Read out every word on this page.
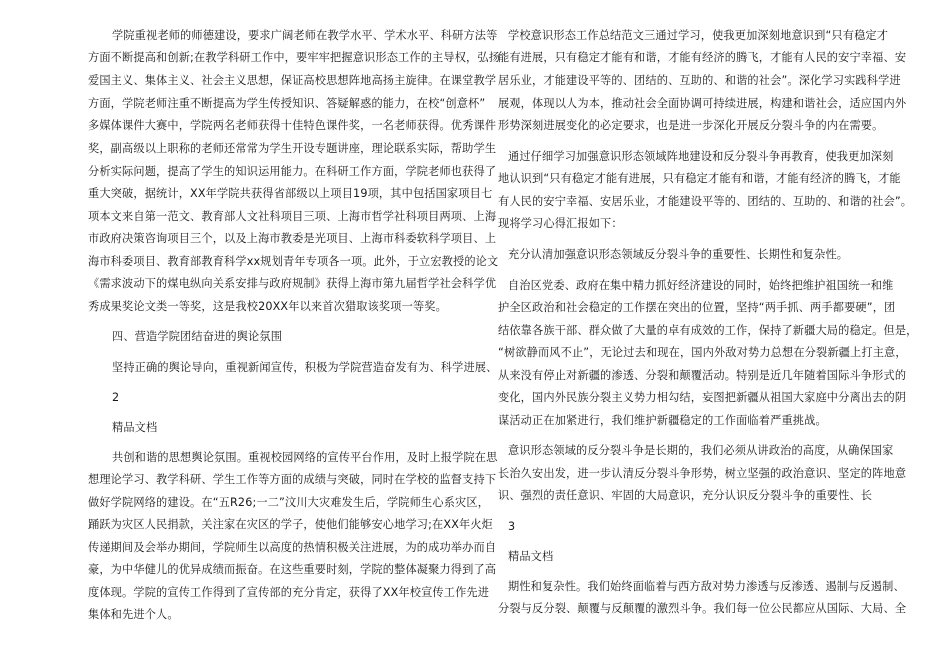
学院重视老师的师德建设，要求广阔老师在教学水平、学术水平、科研方法等
方面不断提高和创新;在教学科研工作中，要牢牢把握意识形态工作的主导权，弘扬
爱国主义、集体主义、社会主义思想，保证高校思想阵地高扬主旋律。在课堂教学
方面，学院老师注重不断提高为学生传授知识、答疑解惑的能力，在校“创意杯”
多媒体课件大赛中，学院两名老师获得十佳特色课件奖，一名老师获得。优秀课件
奖，副高级以上职称的老师还常常为学生开设专题讲座，理论联系实际，帮助学生
分析实际问题，提高了学生的知识运用能力。在科研工作方面，学院老师也获得了
重大突破，据统计，XX年学院共获得省部级以上项目19项，其中包括国家项目七
项本文来自第一范文、教育部人文社科项目三项、上海市哲学社科项目两项、上海
市政府决策咨询项目三个，以及上海市教委是光项目、上海市科委软科学项目、上
海市科委项目、教育部教育科学xx规划青年专项各一项。此外，于立宏教授的论文
《需求波动下的煤电纵向关系安排与政府规制》获得上海市第九届哲学社会科学优
秀成果奖论文类一等奖，这是我校20XX年以来首次猎取该奖项一等奖。
四、营造学院团结奋进的舆论氛围
坚持正确的舆论导向，重视新闻宣传，积极为学院营造奋发有为、科学进展、
2
精品文档
共创和谐的思想舆论氛围。重视校园网络的宣传平台作用，及时上报学院在思
想理论学习、教学科研、学生工作等方面的成绩与突破，同时在学校的监督支持下
做好学院网络的建设。在“五R26;一二”汶川大灾难发生后，学院师生心系灾区，
踊跃为灾区人民捐款，关注家在灾区的学子，使他们能够安心地学习;在XX年火炬
传递期间及会举办期间，学院师生以高度的热情积极关注进展，为的成功举办而自
豪，为中华健儿的优异成绩而振奋。在这些重要时刻，学院的整体凝聚力得到了高
度体现。学院的宣传工作得到了宣传部的充分肯定，获得了XX年校宣传工作先进
集体和先进个人。
学校意识形态工作总结范文三通过学习，使我更加深刻地意识到“只有稳定才
能有进展，只有稳定才能有和谐，才能有经济的腾飞，才能有人民的安宁幸福、安
居乐业，才能建设平等的、团结的、互助的、和谐的社会”。深化学习实践科学进
展观，体现以人为本，推动社会全面协调可持续进展，构建和谐社会，适应国内外
形势深刻进展变化的必定要求，也是进一步深化开展反分裂斗争的内在需要。
通过仔细学习加强意识形态领域阵地建设和反分裂斗争再教育，使我更加深刻
地认识到“只有稳定才能有进展，只有稳定才能有和谐，才能有经济的腾飞，才能
有人民的安宁幸福、安居乐业，才能建设平等的、团结的、互助的、和谐的社会”。
现将学习心得汇报如下：
充分认清加强意识形态领域反分裂斗争的重要性、长期性和复杂性。
自治区党委、政府在集中精力抓好经济建设的同时，始终把维护祖国统一和维
护全区政治和社会稳定的工作摆在突出的位置，坚持“两手抓、两手都要硬”，团
结依靠各族干部、群众做了大量的卓有成效的工作，保持了新疆大局的稳定。但是，
“树欲静而风不止”，无论过去和现在，国内外敌对势力总想在分裂新疆上打主意，
从来没有停止对新疆的渗透、分裂和颠覆活动。特别是近几年随着国际斗争形式的
变化，国内外民族分裂主义势力相勾结，妄图把新疆从祖国大家庭中分离出去的阴
谋活动正在加紧进行，我们维护新疆稳定的工作面临着严重挑战。
意识形态领域的反分裂斗争是长期的，我们必须从讲政治的高度，从确保国家
长治久安出发，进一步认清反分裂斗争形势，树立坚强的政治意识、坚定的阵地意
识、强烈的责任意识、牢固的大局意识，充分认识反分裂斗争的重要性、长
3
精品文档
期性和复杂性。我们始终面临着与西方敌对势力渗透与反渗透、遏制与反遏制、
分裂与反分裂、颠覆与反颠覆的激烈斗争。我们每一位公民都应从国际、大局、全
